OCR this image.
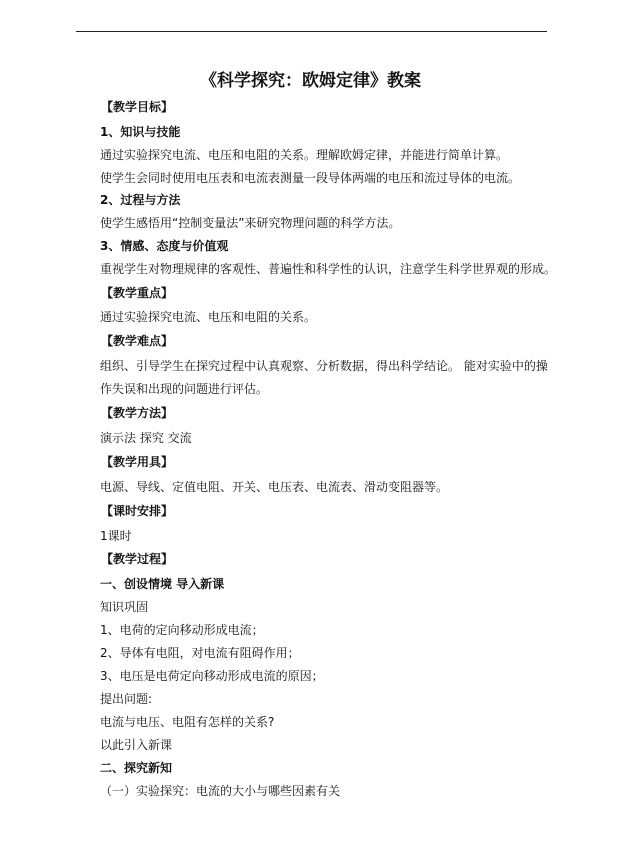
《科学探究：欧姆定律》教案
【教学目标】
1、知识与技能
通过实验探究电流、电压和电阻的关系。理解欧姆定律，并能进行简单计算。
使学生会同时使用电压表和电流表测量一段导体两端的电压和流过导体的电流。
2、过程与方法
使学生感悟用“控制变量法”来研究物理问题的科学方法。
3、情感、态度与价值观
重视学生对物理规律的客观性、普遍性和科学性的认识，注意学生科学世界观的形成。
【教学重点】
通过实验探究电流、电压和电阻的关系。
【教学难点】
组织、引导学生在探究过程中认真观察、分析数据，得出科学结论。 能对实验中的操
作失误和出现的问题进行评估。
【教学方法】
演示法 探究 交流
【教学用具】
电源、导线、定值电阻、开关、电压表、电流表、滑动变阻器等。
【课时安排】
1课时
【教学过程】
一、创设情境 导入新课
知识巩固
1、电荷的定向移动形成电流；
2、导体有电阻，对电流有阻碍作用；
3、电压是电荷定向移动形成电流的原因；
提出问题:
电流与电压、电阻有怎样的关系?
以此引入新课
二、探究新知
（一）实验探究：电流的大小与哪些因素有关
